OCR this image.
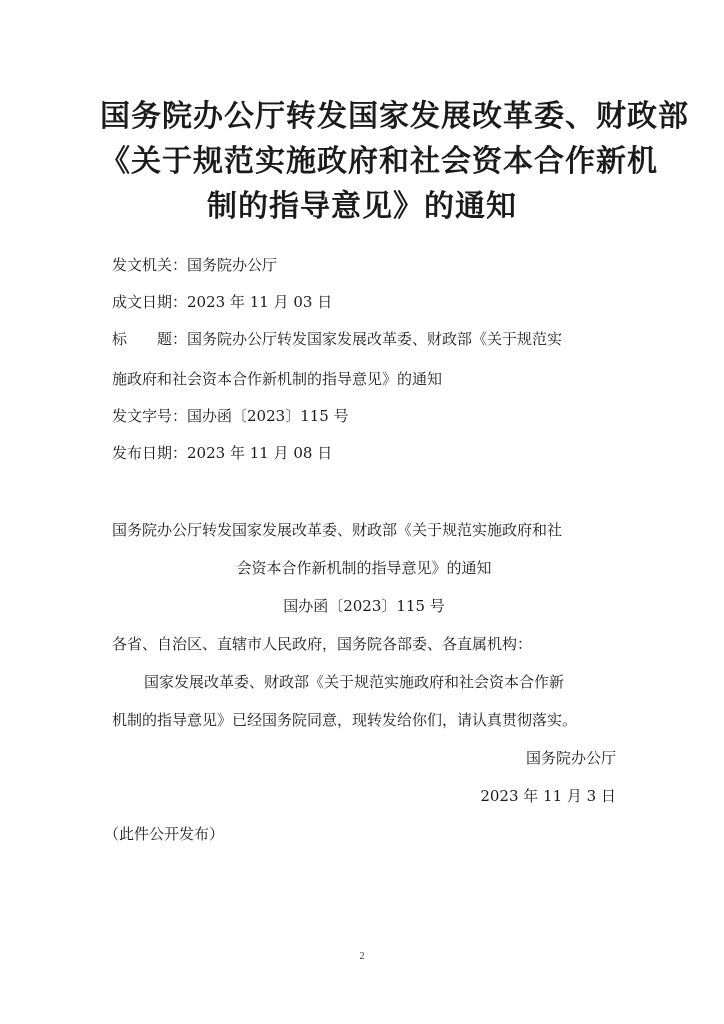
国务院办公厅转发国家发展改革委、财政部
《关于规范实施政府和社会资本合作新机
制的指导意见》的通知
发文机关：国务院办公厅
成文日期：2023 年 11 月 03 日
标　　题：国务院办公厅转发国家发展改革委、财政部《关于规范实
施政府和社会资本合作新机制的指导意见》的通知
发文字号：国办函〔2023〕115 号
发布日期：2023 年 11 月 08 日
国务院办公厅转发国家发展改革委、财政部《关于规范实施政府和社
会资本合作新机制的指导意见》的通知
国办函〔2023〕115 号
各省、自治区、直辖市人民政府，国务院各部委、各直属机构：
国家发展改革委、财政部《关于规范实施政府和社会资本合作新
机制的指导意见》已经国务院同意，现转发给你们，请认真贯彻落实。
国务院办公厅
2023 年 11 月 3 日
（此件公开发布）
2
